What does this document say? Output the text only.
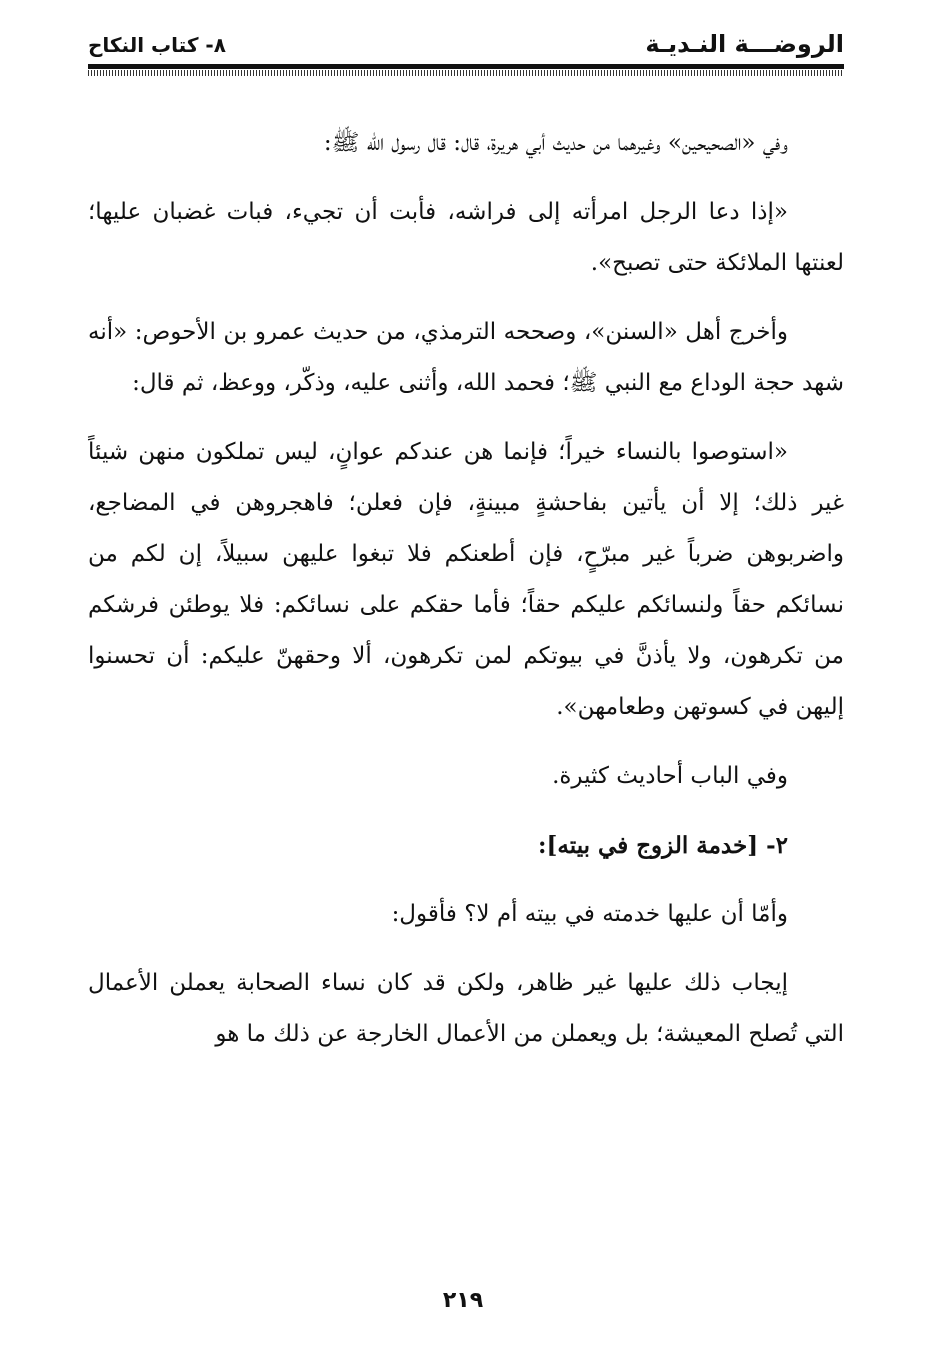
الروضـــة النـديـة
٨- كتاب النكاح

وفي «الصحيحين» وغيرهما من حديث أبي هريرة، قال: قال رسول الله ﷺ:

«إذا دعا الرجل امرأته إلى فراشه، فأبت أن تجيء، فبات غضبان عليها؛ لعنتها الملائكة حتى تصبح».

وأخرج أهل «السنن»، وصححه الترمذي، من حديث عمرو بن الأحوص: «أنه شهد حجة الوداع مع النبي ﷺ؛ فحمد الله، وأثنى عليه، وذكّر، ووعظ، ثم قال:

«استوصوا بالنساء خيراً؛ فإنما هن عندكم عوانٍ، ليس تملكون منهن شيئاً غير ذلك؛ إلا أن يأتين بفاحشةٍ مبينةٍ، فإن فعلن؛ فاهجروهن في المضاجع، واضربوهن ضرباً غير مبرّحٍ، فإن أطعنكم فلا تبغوا عليهن سبيلاً، إن لكم من نسائكم حقاً ولنسائكم عليكم حقاً؛ فأما حقكم على نسائكم: فلا يوطئن فرشكم من تكرهون، ولا يأذنَّ في بيوتكم لمن تكرهون، ألا وحقهنّ عليكم: أن تحسنوا إليهن في كسوتهن وطعامهن».

وفي الباب أحاديث كثيرة.

٢- [خدمة الزوج في بيته]:

وأمّا أن عليها خدمته في بيته أم لا؟ فأقول:

إيجاب ذلك عليها غير ظاهر، ولكن قد كان نساء الصحابة يعملن الأعمال التي تُصلح المعيشة؛ بل ويعملن من الأعمال الخارجة عن ذلك ما هو

٢١٩
